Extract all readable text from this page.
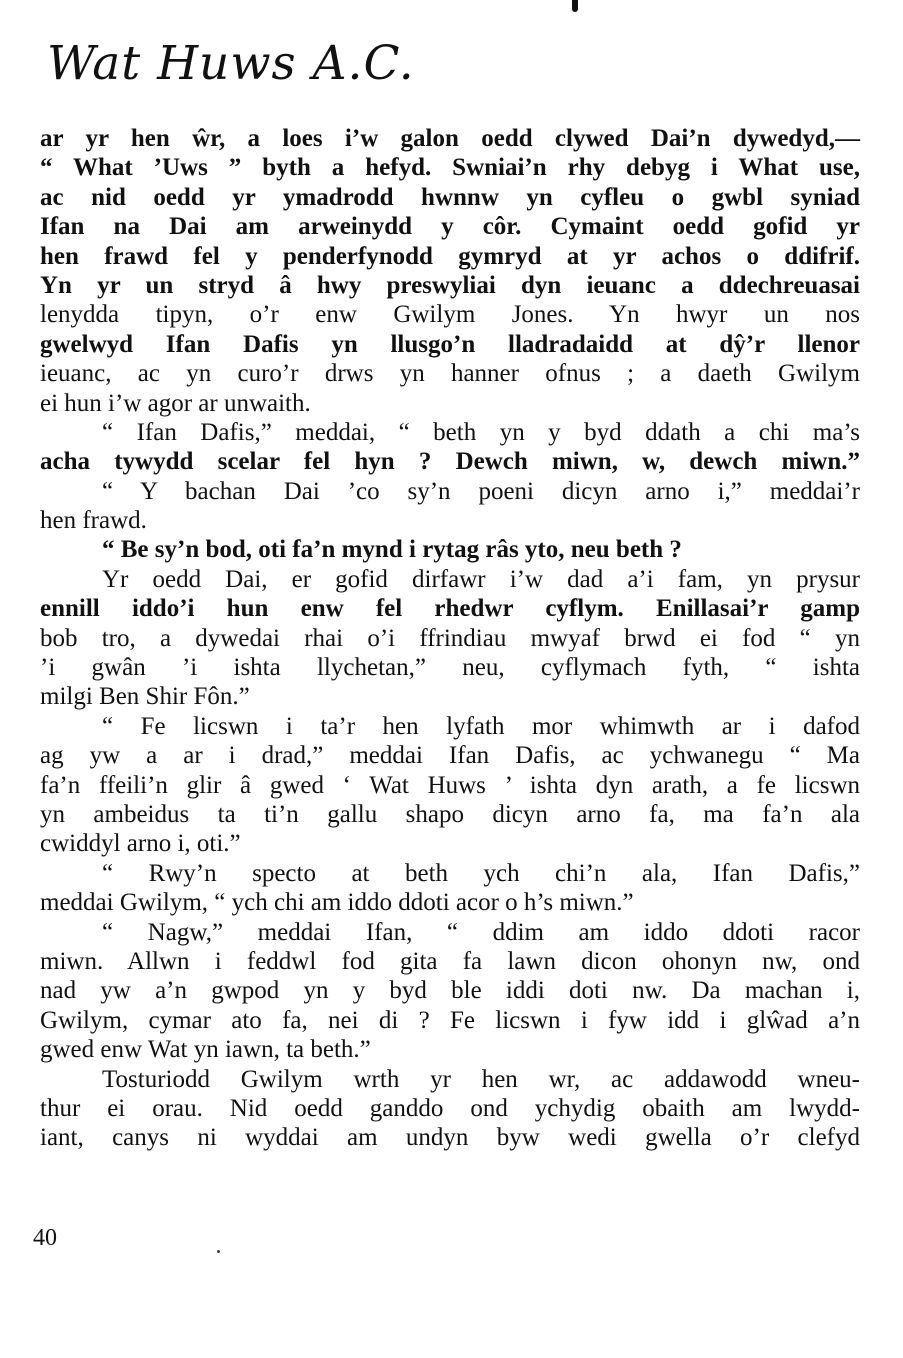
Wat Huws A.C.
ar yr hen ŵr, a loes i’w galon oedd clywed Dai’n dywedyd,—
“ What ’Uws ” byth a hefyd. Swniai’n rhy debyg i What use,
ac nid oedd yr ymadrodd hwnnw yn cyfleu o gwbl syniad
Ifan na Dai am arweinydd y côr. Cymaint oedd gofid yr
hen frawd fel y penderfynodd gymryd at yr achos o ddifrif.
Yn yr un stryd â hwy preswyliai dyn ieuanc a ddechreuasai
lenydda tipyn, o’r enw Gwilym Jones. Yn hwyr un nos
gwelwyd Ifan Dafis yn llusgo’n lladradaidd at dŷ’r llenor
ieuanc, ac yn curo’r drws yn hanner ofnus ; a daeth Gwilym
ei hun i’w agor ar unwaith.
“ Ifan Dafis,” meddai, “ beth yn y byd ddath a chi ma’s
acha tywydd scelar fel hyn ? Dewch miwn, w, dewch miwn.”
“ Y bachan Dai ’co sy’n poeni dicyn arno i,” meddai’r
hen frawd.
“ Be sy’n bod, oti fa’n mynd i rytag râs yto, neu beth ?
Yr oedd Dai, er gofid dirfawr i’w dad a’i fam, yn prysur
ennill iddo’i hun enw fel rhedwr cyflym. Enillasai’r gamp
bob tro, a dywedai rhai o’i ffrindiau mwyaf brwd ei fod “ yn
’i gwân ’i ishta llychetan,” neu, cyflymach fyth, “ ishta
milgi Ben Shir Fôn.”
“ Fe licswn i ta’r hen lyfath mor whimwth ar i dafod
ag yw a ar i drad,” meddai Ifan Dafis, ac ychwanegu “ Ma
fa’n ffeili’n glir â gwed ‘ Wat Huws ’ ishta dyn arath, a fe licswn
yn ambeidus ta ti’n gallu shapo dicyn arno fa, ma fa’n ala
cwiddyl arno i, oti.”
“ Rwy’n specto at beth ych chi’n ala, Ifan Dafis,”
meddai Gwilym, “ ych chi am iddo ddoti acor o h’s miwn.”
“ Nagw,” meddai Ifan, “ ddim am iddo ddoti racor
miwn. Allwn i feddwl fod gita fa lawn dicon ohonyn nw, ond
nad yw a’n gwpod yn y byd ble iddi doti nw. Da machan i,
Gwilym, cymar ato fa, nei di ? Fe licswn i fyw idd i glŵad a’n
gwed enw Wat yn iawn, ta beth.”
Tosturiodd Gwilym wrth yr hen wr, ac addawodd wneu-
thur ei orau. Nid oedd ganddo ond ychydig obaith am lwydd-
iant, canys ni wyddai am undyn byw wedi gwella o’r clefyd
40
